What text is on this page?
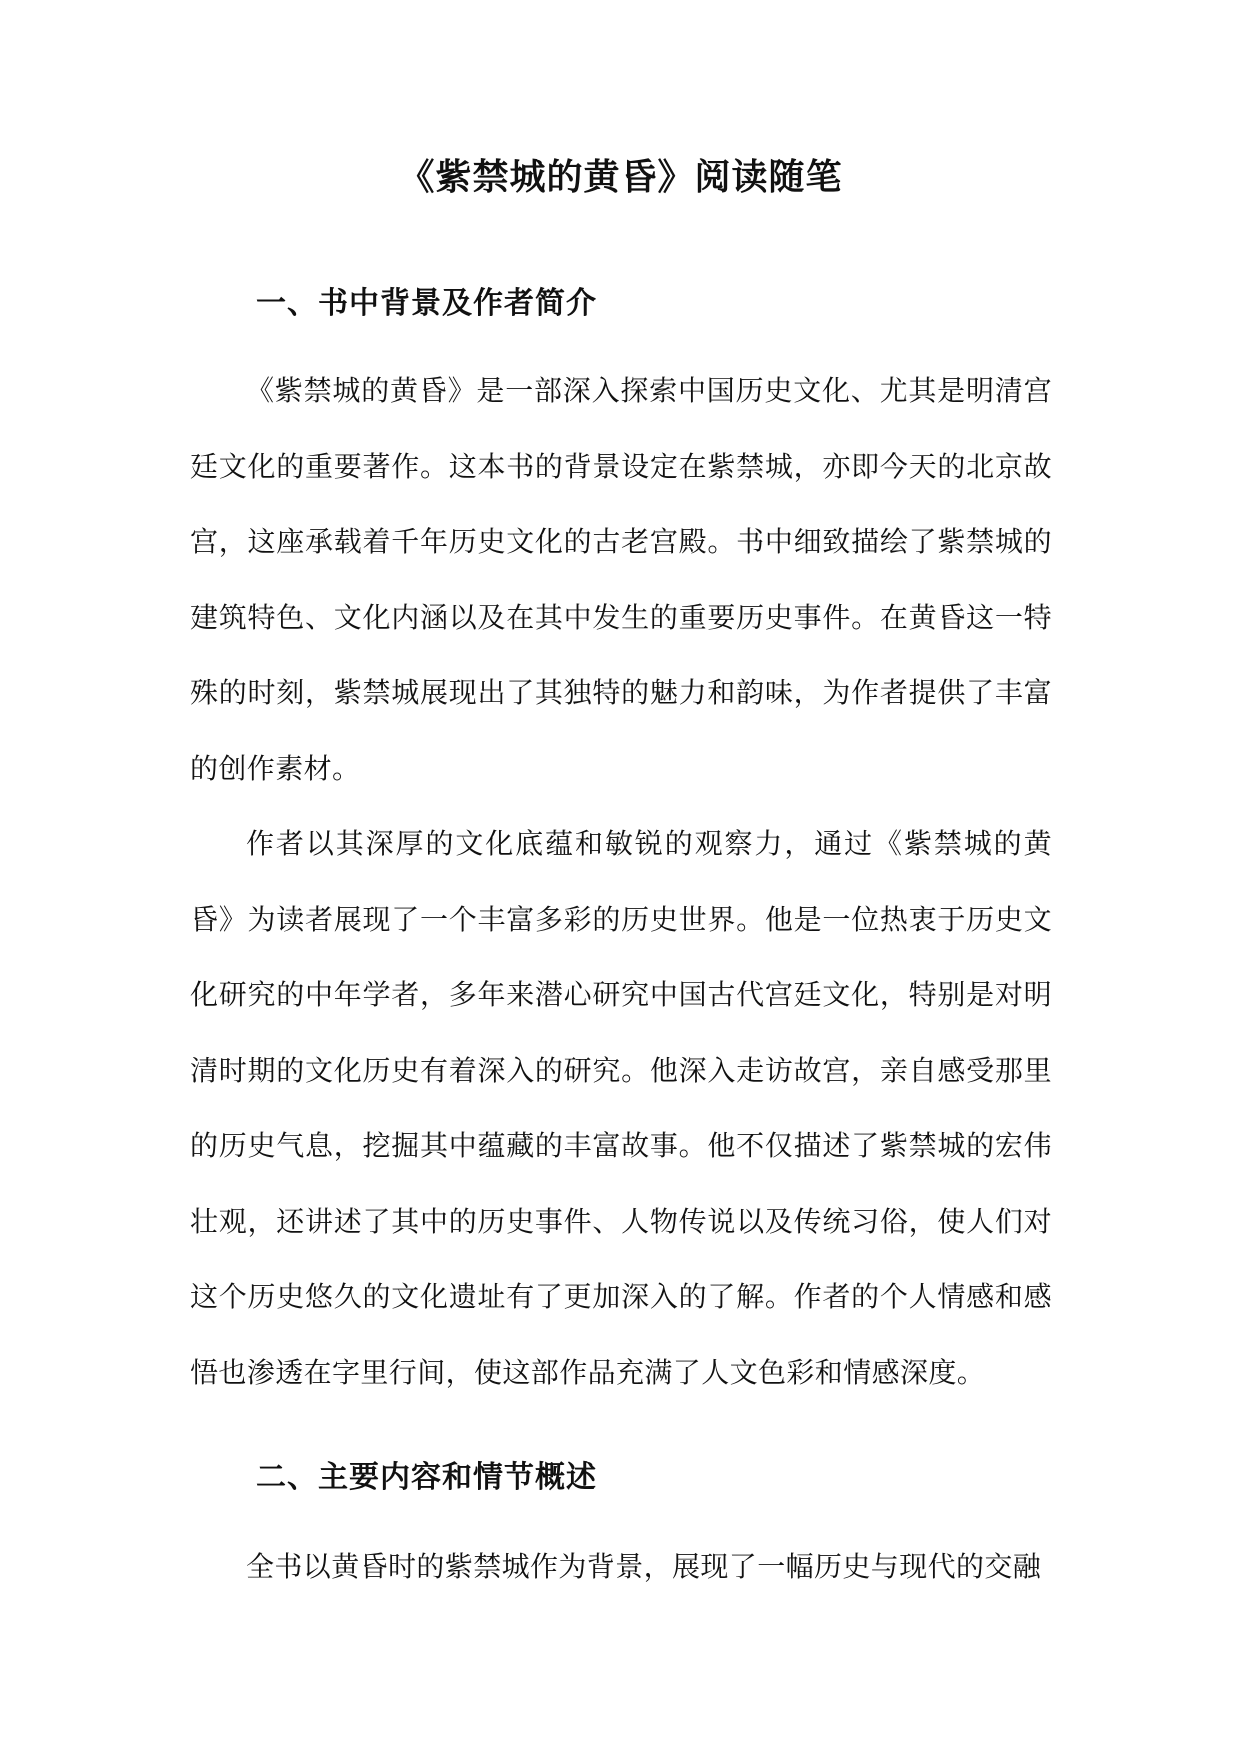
《紫禁城的黄昏》阅读随笔
一、书中背景及作者简介

《紫禁城的黄昏》是一部深入探索中国历史文化、尤其是明清宫廷文化的重要著作。这本书的背景设定在紫禁城，亦即今天的北京故宫，这座承载着千年历史文化的古老宫殿。书中细致描绘了紫禁城的建筑特色、文化内涵以及在其中发生的重要历史事件。在黄昏这一特殊的时刻，紫禁城展现出了其独特的魅力和韵味，为作者提供了丰富的创作素材。

作者以其深厚的文化底蕴和敏锐的观察力，通过《紫禁城的黄昏》为读者展现了一个丰富多彩的历史世界。他是一位热衷于历史文化研究的中年学者，多年来潜心研究中国古代宫廷文化，特别是对明清时期的文化历史有着深入的研究。他深入走访故宫，亲自感受那里的历史气息，挖掘其中蕴藏的丰富故事。他不仅描述了紫禁城的宏伟壮观，还讲述了其中的历史事件、人物传说以及传统习俗，使人们对这个历史悠久的文化遗址有了更加深入的了解。作者的个人情感和感悟也渗透在字里行间，使这部作品充满了人文色彩和情感深度。

二、主要内容和情节概述

全书以黄昏时的紫禁城作为背景，展现了一幅历史与现代的交融
